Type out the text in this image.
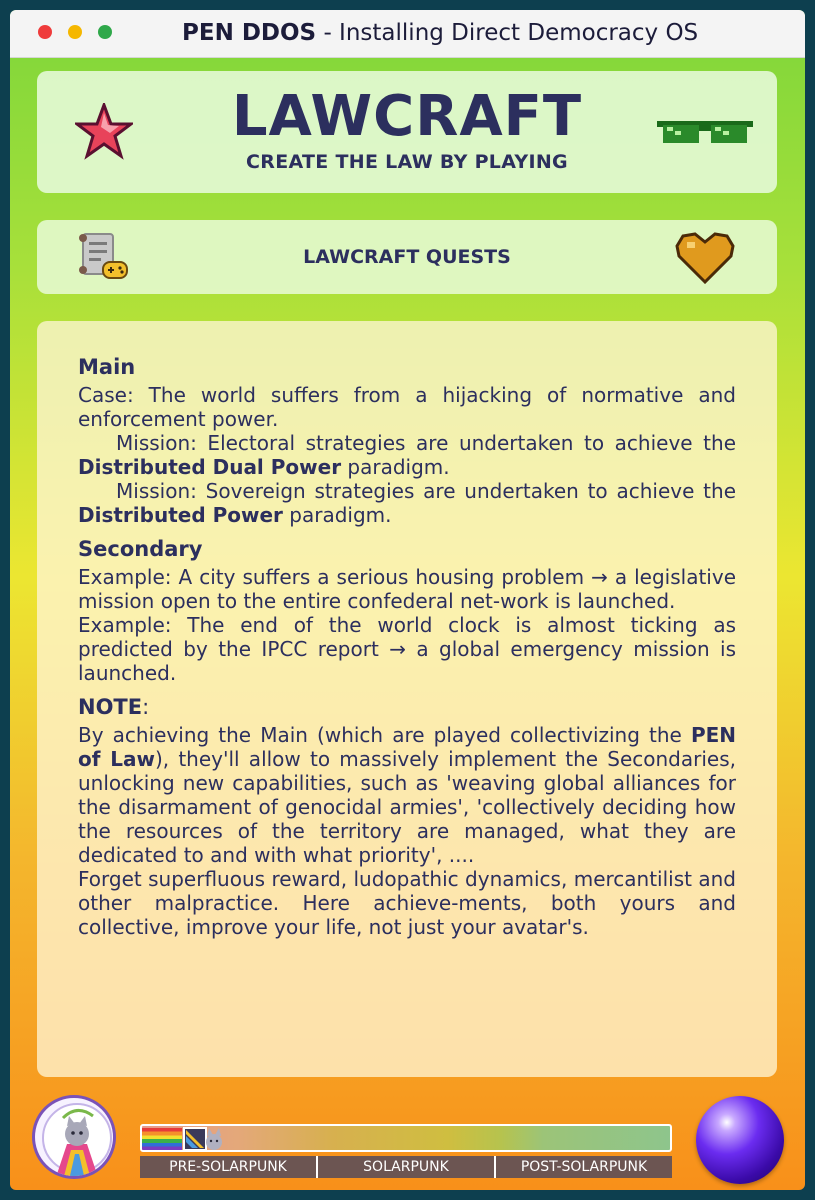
PEN DDOS - Installing Direct Democracy OS
LAWCRAFT
CREATE THE LAW BY PLAYING
LAWCRAFT QUESTS
Main

Case: The world suffers from a hijacking of normative and enforcement power.

Mission: Electoral strategies are undertaken to achieve the Distributed Dual Power paradigm.

Mission: Sovereign strategies are undertaken to achieve the Distributed Power paradigm.

Secondary

Example: A city suffers a serious housing problem → a legislative mission open to the entire confederal net-work is launched.

Example: The end of the world clock is almost ticking as predicted by the IPCC report → a global emergency mission is launched.

NOTE:

By achieving the Main (which are played collectivizing the PEN of Law), they'll allow to massively implement the Secondaries, unlocking new capabilities, such as 'weaving global alliances for the disarmament of genocidal armies', 'collectively deciding how the resources of the territory are managed, what they are dedicated to and with what priority', ....

Forget superfluous reward, ludopathic dynamics, mercantilist and other malpractice. Here achieve-ments, both yours and collective, improve your life, not just your avatar's.

PRE-SOLARPUNK	SOLARPUNK	POST-SOLARPUNK
